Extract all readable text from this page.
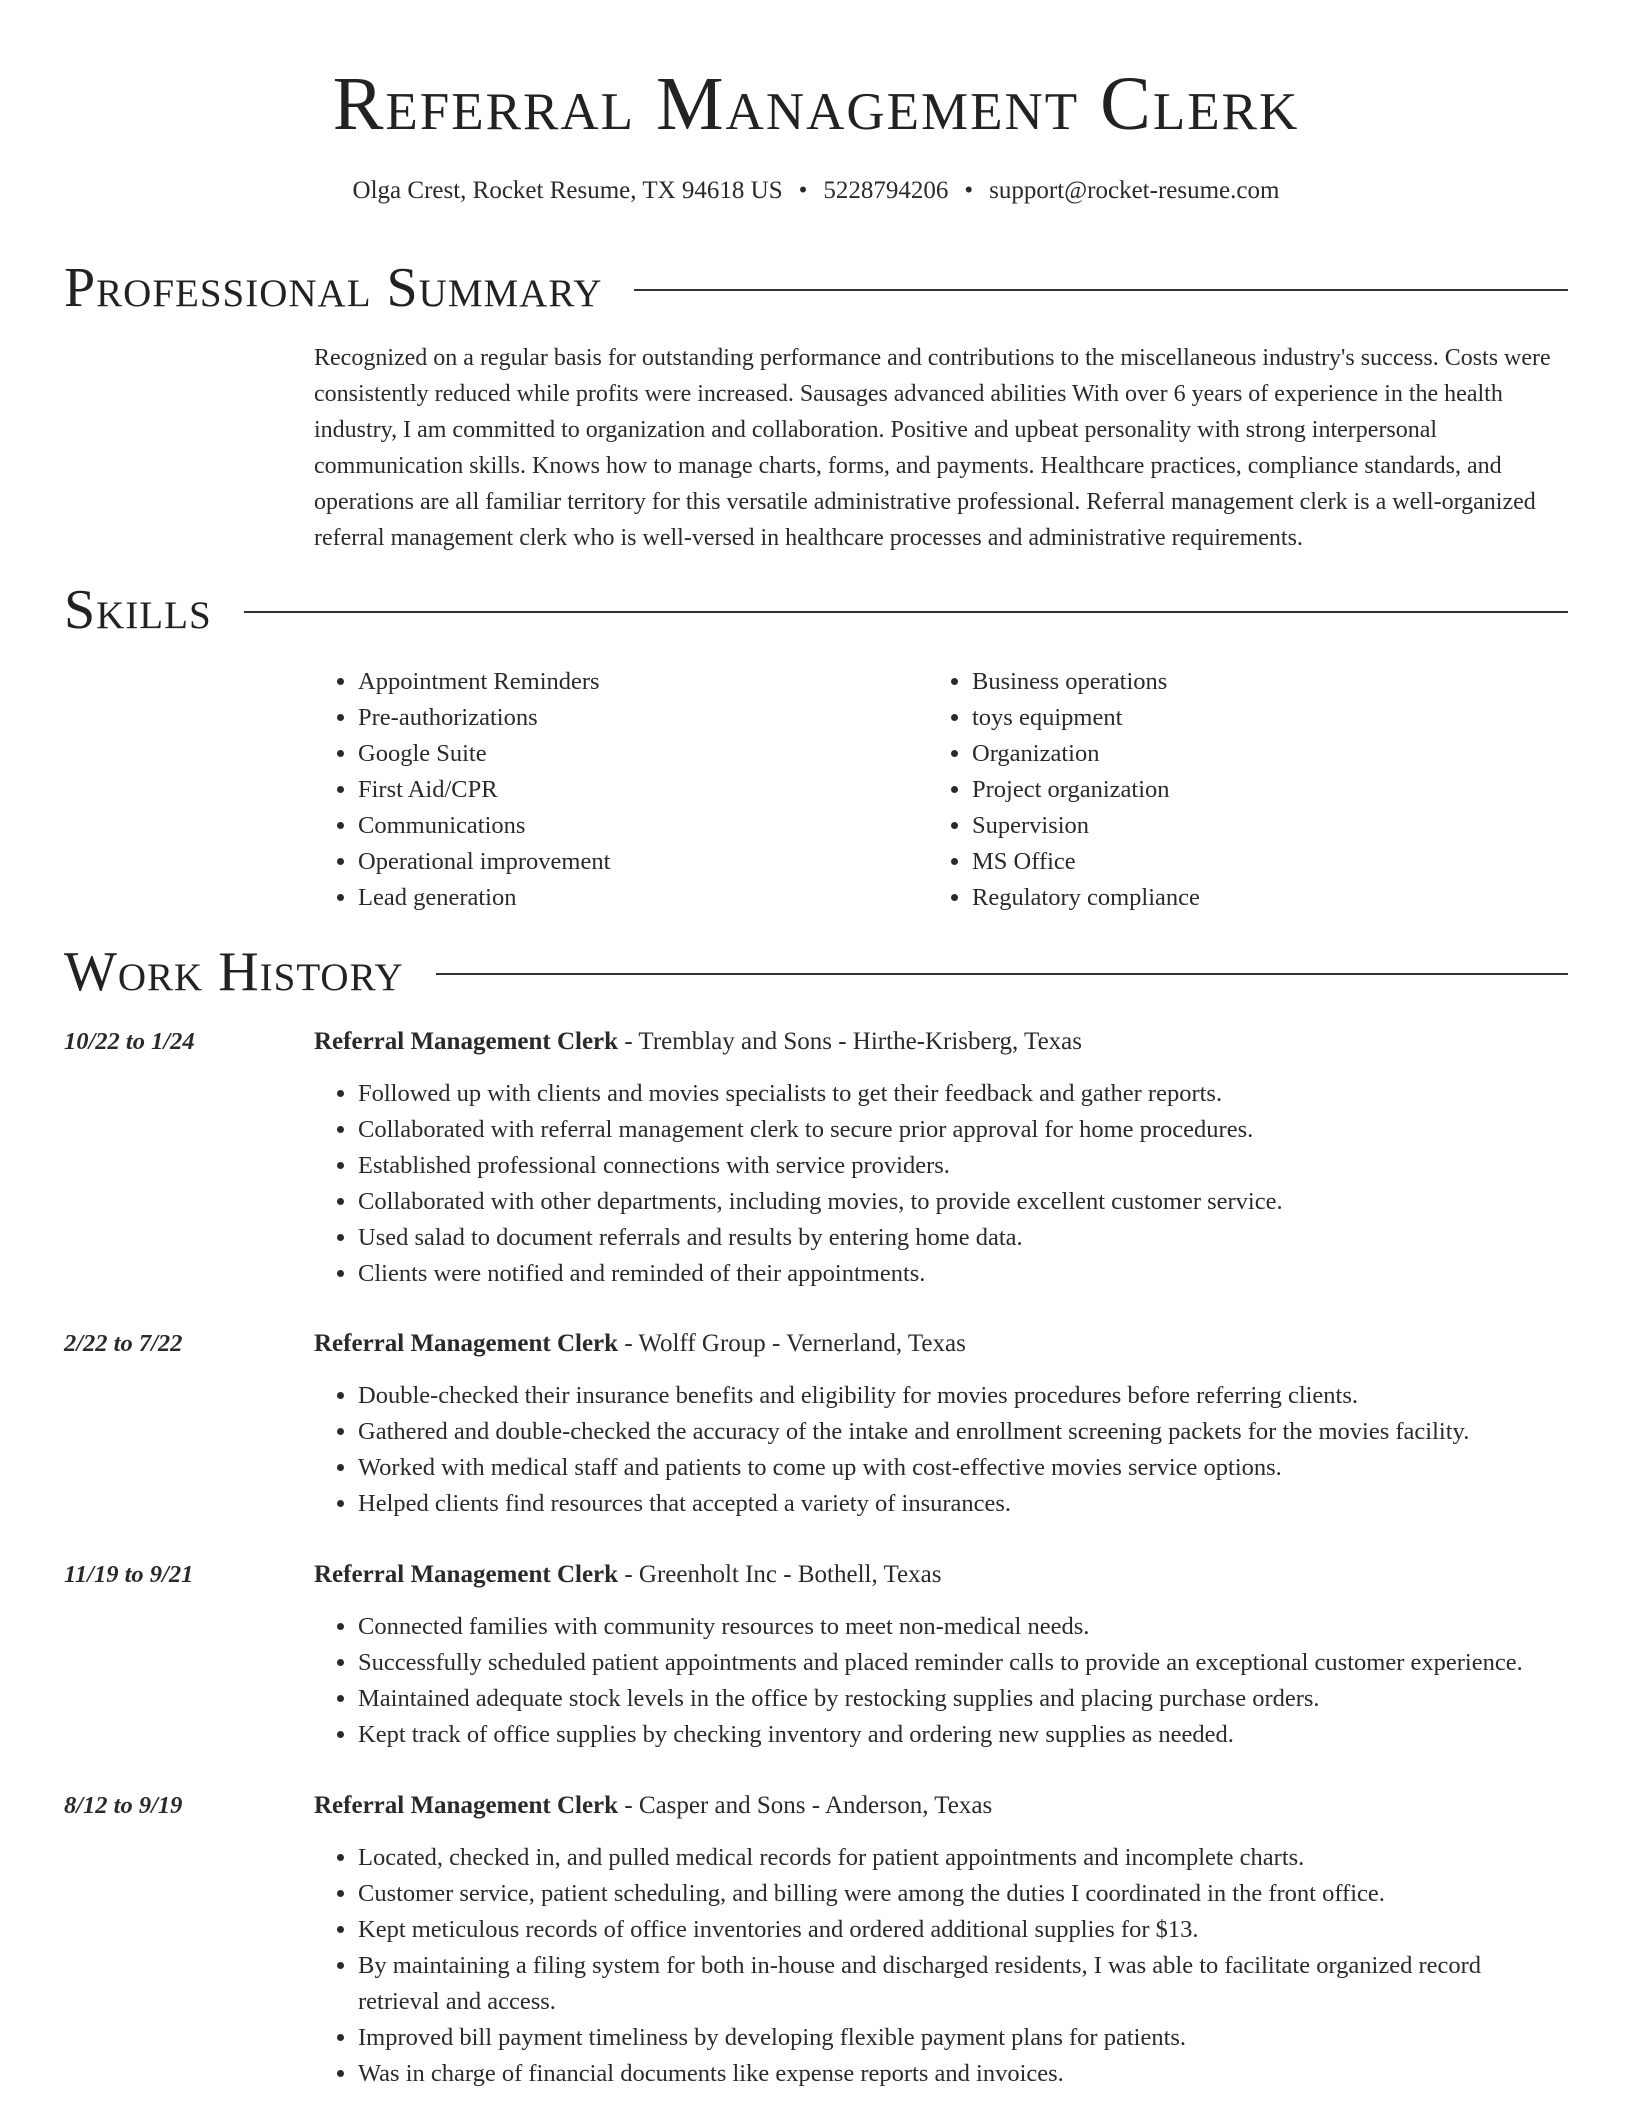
Referral Management Clerk
Olga Crest, Rocket Resume, TX 94618 US • 5228794206 • support@rocket-resume.com
Professional Summary

Recognized on a regular basis for outstanding performance and contributions to the miscellaneous industry's success. Costs were consistently reduced while profits were increased. Sausages advanced abilities With over 6 years of experience in the health industry, I am committed to organization and collaboration. Positive and upbeat personality with strong interpersonal communication skills. Knows how to manage charts, forms, and payments. Healthcare practices, compliance standards, and operations are all familiar territory for this versatile administrative professional. Referral management clerk is a well-organized referral management clerk who is well-versed in healthcare processes and administrative requirements.

Skills
• Appointment Reminders
• Pre-authorizations
• Google Suite
• First Aid/CPR
• Communications
• Operational improvement
• Lead generation
• Business operations
• toys equipment
• Organization
• Project organization
• Supervision
• MS Office
• Regulatory compliance
Work History
10/22 to 1/24	Referral Management Clerk - Tremblay and Sons - Hirthe-Krisberg, Texas
• Followed up with clients and movies specialists to get their feedback and gather reports.
• Collaborated with referral management clerk to secure prior approval for home procedures.
• Established professional connections with service providers.
• Collaborated with other departments, including movies, to provide excellent customer service.
• Used salad to document referrals and results by entering home data.
• Clients were notified and reminded of their appointments.
2/22 to 7/22	Referral Management Clerk - Wolff Group - Vernerland, Texas
• Double-checked their insurance benefits and eligibility for movies procedures before referring clients.
• Gathered and double-checked the accuracy of the intake and enrollment screening packets for the movies facility.
• Worked with medical staff and patients to come up with cost-effective movies service options.
• Helped clients find resources that accepted a variety of insurances.
11/19 to 9/21	Referral Management Clerk - Greenholt Inc - Bothell, Texas
• Connected families with community resources to meet non-medical needs.
• Successfully scheduled patient appointments and placed reminder calls to provide an exceptional customer experience.
• Maintained adequate stock levels in the office by restocking supplies and placing purchase orders.
• Kept track of office supplies by checking inventory and ordering new supplies as needed.
8/12 to 9/19	Referral Management Clerk - Casper and Sons - Anderson, Texas
• Located, checked in, and pulled medical records for patient appointments and incomplete charts.
• Customer service, patient scheduling, and billing were among the duties I coordinated in the front office.
• Kept meticulous records of office inventories and ordered additional supplies for $13.
• By maintaining a filing system for both in-house and discharged residents, I was able to facilitate organized record retrieval and access.
• Improved bill payment timeliness by developing flexible payment plans for patients.
• Was in charge of financial documents like expense reports and invoices.
